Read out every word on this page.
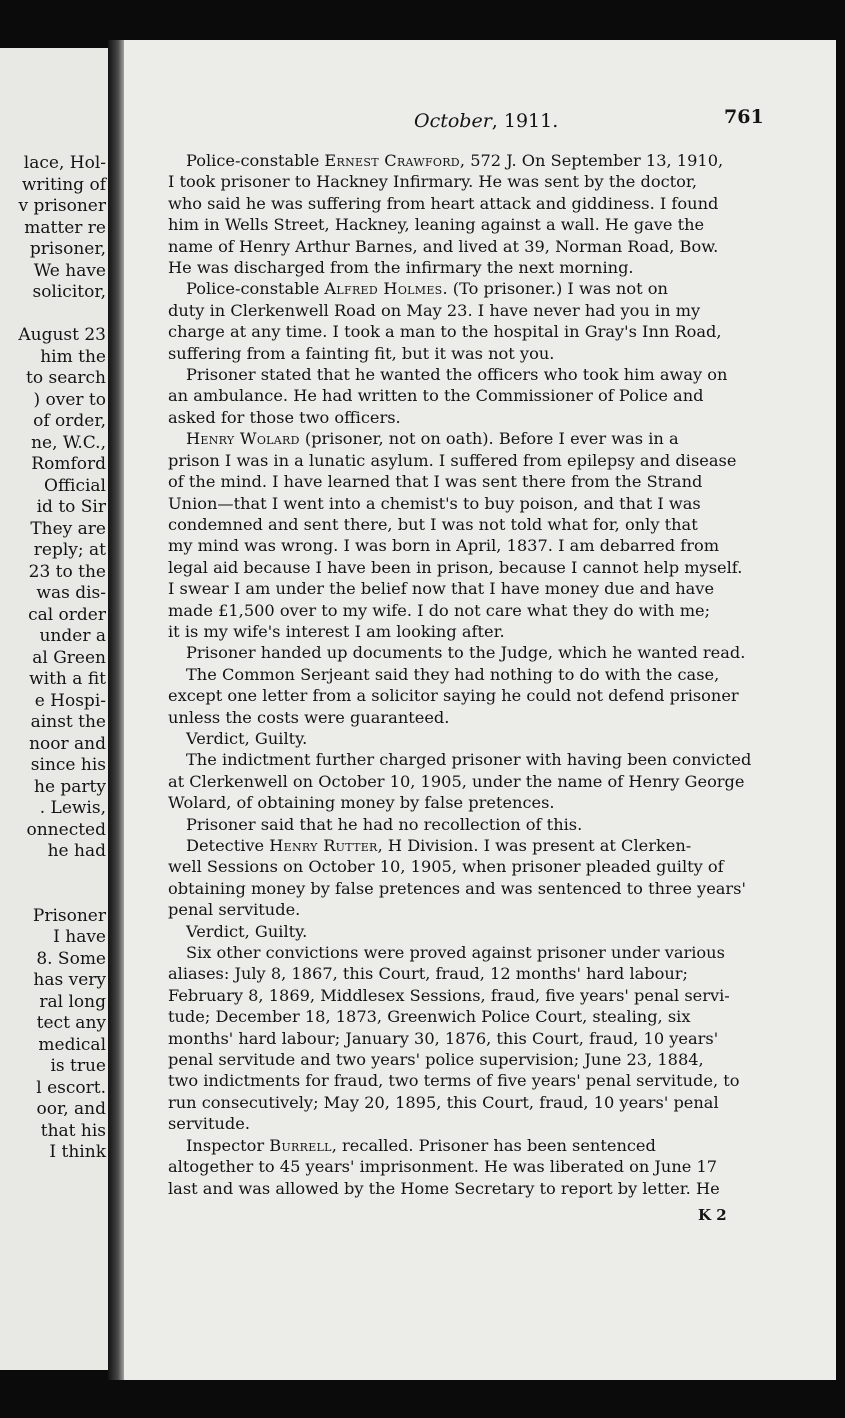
lace, Hol-
writing of
v prisoner
matter re
prisoner,
We have
solicitor,

August 23
him the
to search
) over to
of order,
ne, W.C.,
Romford
Official
id to Sir
They are
reply; at
23 to the
was dis-
cal order
under a
al Green
with a fit
e Hospi-
ainst the
noor and
since his
he party
. Lewis,
onnected
he had

Prisoner
I have
8. Some
has very
ral long
tect any
medical
is true
l escort.
oor, and
that his
I think
October, 1911.	761

Police-constable Ernest Crawford, 572 J. On September 13, 1910,
I took prisoner to Hackney Infirmary. He was sent by the doctor,
who said he was suffering from heart attack and giddiness. I found
him in Wells Street, Hackney, leaning against a wall. He gave the
name of Henry Arthur Barnes, and lived at 39, Norman Road, Bow.
He was discharged from the infirmary the next morning.

Police-constable Alfred Holmes. (To prisoner.) I was not on
duty in Clerkenwell Road on May 23. I have never had you in my
charge at any time. I took a man to the hospital in Gray's Inn Road,
suffering from a fainting fit, but it was not you.

Prisoner stated that he wanted the officers who took him away on
an ambulance. He had written to the Commissioner of Police and
asked for those two officers.

Henry Wolard (prisoner, not on oath). Before I ever was in a
prison I was in a lunatic asylum. I suffered from epilepsy and disease
of the mind. I have learned that I was sent there from the Strand
Union—that I went into a chemist's to buy poison, and that I was
condemned and sent there, but I was not told what for, only that
my mind was wrong. I was born in April, 1837. I am debarred from
legal aid because I have been in prison, because I cannot help myself.
I swear I am under the belief now that I have money due and have
made £1,500 over to my wife. I do not care what they do with me;
it is my wife's interest I am looking after.

Prisoner handed up documents to the Judge, which he wanted read.

The Common Serjeant said they had nothing to do with the case,
except one letter from a solicitor saying he could not defend prisoner
unless the costs were guaranteed.

Verdict, Guilty.

The indictment further charged prisoner with having been convicted
at Clerkenwell on October 10, 1905, under the name of Henry George
Wolard, of obtaining money by false pretences.

Prisoner said that he had no recollection of this.

Detective Henry Rutter, H Division. I was present at Clerken-
well Sessions on October 10, 1905, when prisoner pleaded guilty of
obtaining money by false pretences and was sentenced to three years'
penal servitude.

Verdict, Guilty.

Six other convictions were proved against prisoner under various
aliases: July 8, 1867, this Court, fraud, 12 months' hard labour;
February 8, 1869, Middlesex Sessions, fraud, five years' penal servi-
tude; December 18, 1873, Greenwich Police Court, stealing, six
months' hard labour; January 30, 1876, this Court, fraud, 10 years'
penal servitude and two years' police supervision; June 23, 1884,
two indictments for fraud, two terms of five years' penal servitude, to
run consecutively; May 20, 1895, this Court, fraud, 10 years' penal
servitude.

Inspector Burrell, recalled. Prisoner has been sentenced
altogether to 45 years' imprisonment. He was liberated on June 17
last and was allowed by the Home Secretary to report by letter. He

K 2
